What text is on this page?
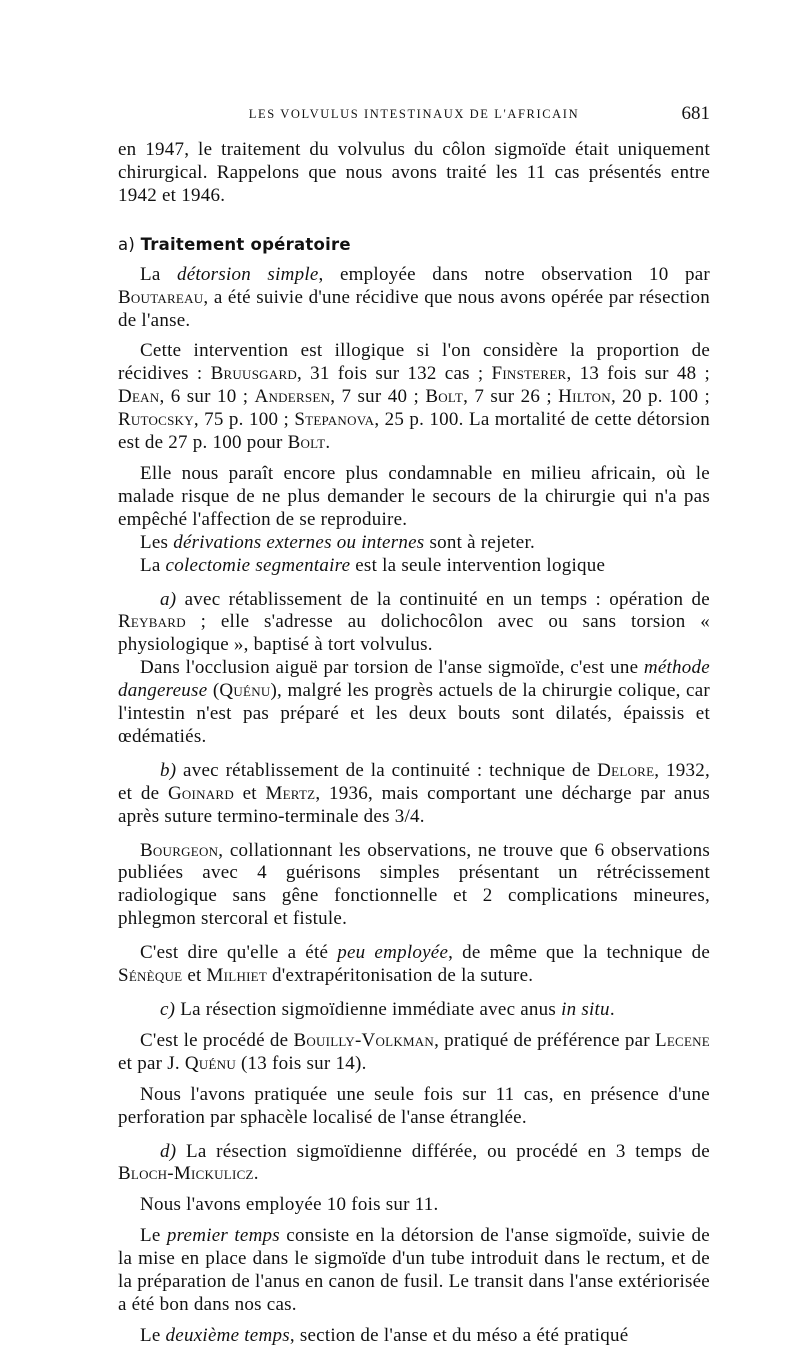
LES VOLVULUS INTESTINAUX DE L'AFRICAIN	681

en 1947, le traitement du volvulus du côlon sigmoïde était uniquement chirurgical. Rappelons que nous avons traité les 11 cas présentés entre 1942 et 1946.

a) Traitement opératoire

La détorsion simple, employée dans notre observation 10 par Boutareau, a été suivie d'une récidive que nous avons opérée par résection de l'anse.

Cette intervention est illogique si l'on considère la proportion de récidives : Bruusgard, 31 fois sur 132 cas ; Finsterer, 13 fois sur 48 ; Dean, 6 sur 10 ; Andersen, 7 sur 40 ; Bolt, 7 sur 26 ; Hilton, 20 p. 100 ; Rutocsky, 75 p. 100 ; Stepanova, 25 p. 100. La mortalité de cette détorsion est de 27 p. 100 pour Bolt.

Elle nous paraît encore plus condamnable en milieu africain, où le malade risque de ne plus demander le secours de la chirurgie qui n'a pas empêché l'affection de se reproduire.

Les dérivations externes ou internes sont à rejeter.

La colectomie segmentaire est la seule intervention logique

a) avec rétablissement de la continuité en un temps : opération de Reybard ; elle s'adresse au dolichocôlon avec ou sans torsion « physiologique », baptisé à tort volvulus.

Dans l'occlusion aiguë par torsion de l'anse sigmoïde, c'est une méthode dangereuse (Quénu), malgré les progrès actuels de la chirurgie colique, car l'intestin n'est pas préparé et les deux bouts sont dilatés, épaissis et œdématiés.

b) avec rétablissement de la continuité : technique de Delore, 1932, et de Goinard et Mertz, 1936, mais comportant une décharge par anus après suture termino-terminale des 3/4.

Bourgeon, collationnant les observations, ne trouve que 6 observations publiées avec 4 guérisons simples présentant un rétrécissement radiologique sans gêne fonctionnelle et 2 complications mineures, phlegmon stercoral et fistule.

C'est dire qu'elle a été peu employée, de même que la technique de Sénèque et Milhiet d'extrapéritonisation de la suture.

c) La résection sigmoïdienne immédiate avec anus in situ.

C'est le procédé de Bouilly-Volkman, pratiqué de préférence par Lecene et par J. Quénu (13 fois sur 14).

Nous l'avons pratiquée une seule fois sur 11 cas, en présence d'une perforation par sphacèle localisé de l'anse étranglée.

d) La résection sigmoïdienne différée, ou procédé en 3 temps de Bloch-Mickulicz.

Nous l'avons employée 10 fois sur 11.

Le premier temps consiste en la détorsion de l'anse sigmoïde, suivie de la mise en place dans le sigmoïde d'un tube introduit dans le rectum, et de la préparation de l'anus en canon de fusil. Le transit dans l'anse extériorisée a été bon dans nos cas.

Le deuxième temps, section de l'anse et du méso a été pratiqué
